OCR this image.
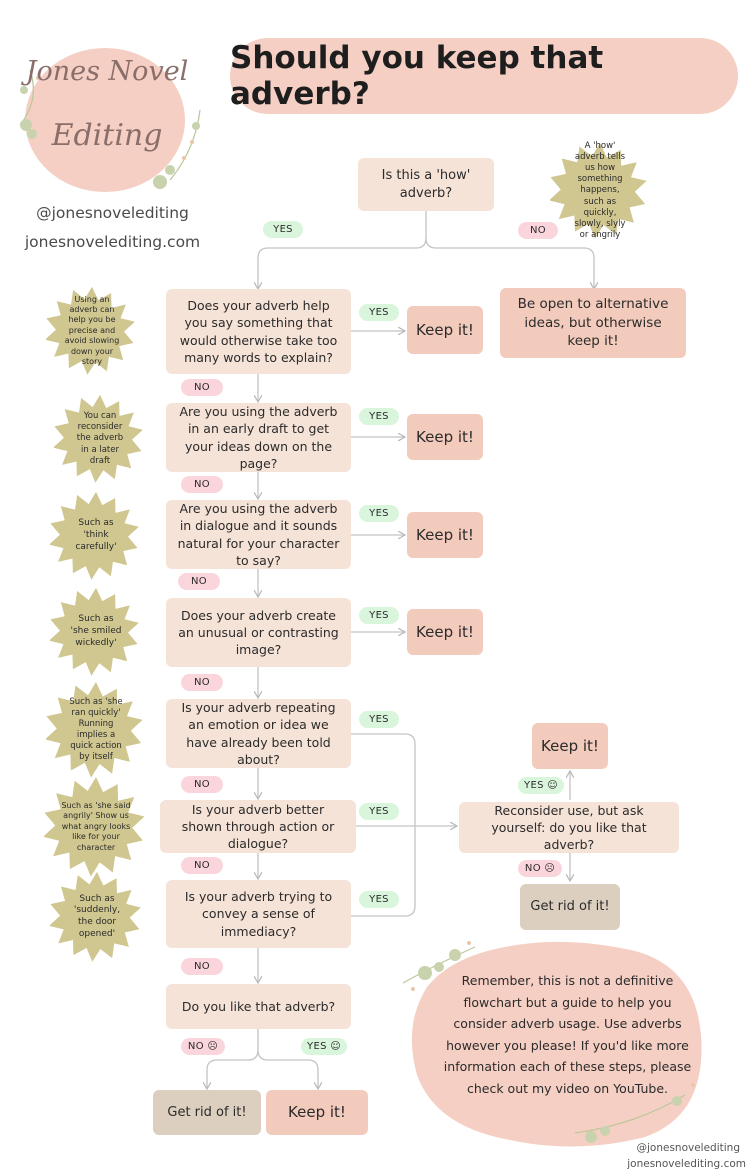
Jones Novel
Editing
@jonesnovelediting
jonesnovelediting.com
Should you keep that adverb?
Is this a 'how' adverb?
YES	NO
Be open to alternative ideas, but otherwise keep it!
A 'how' adverb tells us how something happens, such as quickly, slowly, slyly or angrily
Does your adverb help you say something that would otherwise take too many words to explain?
YES
Keep it!
NO
Are you using the adverb in an early draft to get your ideas down on the page?
YES
Keep it!
NO
Are you using the adverb in dialogue and it sounds natural for your character to say?
YES
Keep it!
NO
Does your adverb create an unusual or contrasting image?
YES
Keep it!
NO
Is your adverb repeating an emotion or idea we have already been told about?
YES
NO
Is your adverb better shown through action or dialogue?
YES
NO
Is your adverb trying to convey a sense of immediacy?
YES
NO
Do you like that adverb?
NO ☹	YES ☺
Get rid of it!	Keep it!
Keep it!
YES ☺
Reconsider use, but ask yourself: do you like that adverb?
NO ☹
Get rid of it!
Using an adverb can help you be precise and avoid slowing down your story
You can reconsider the adverb in a later draft
Such as 'think carefully'
Such as 'she smiled wickedly'
Such as 'she ran quickly' Running implies a quick action by itself
Such as 'she said angrily' Show us what angry looks like for your character
Such as 'suddenly, the door opened'
Remember, this is not a definitive flowchart but a guide to help you consider adverb usage. Use adverbs however you please! If you'd like more information each of these steps, please check out my video on YouTube.
@jonesnovelediting
jonesnovelediting.com
